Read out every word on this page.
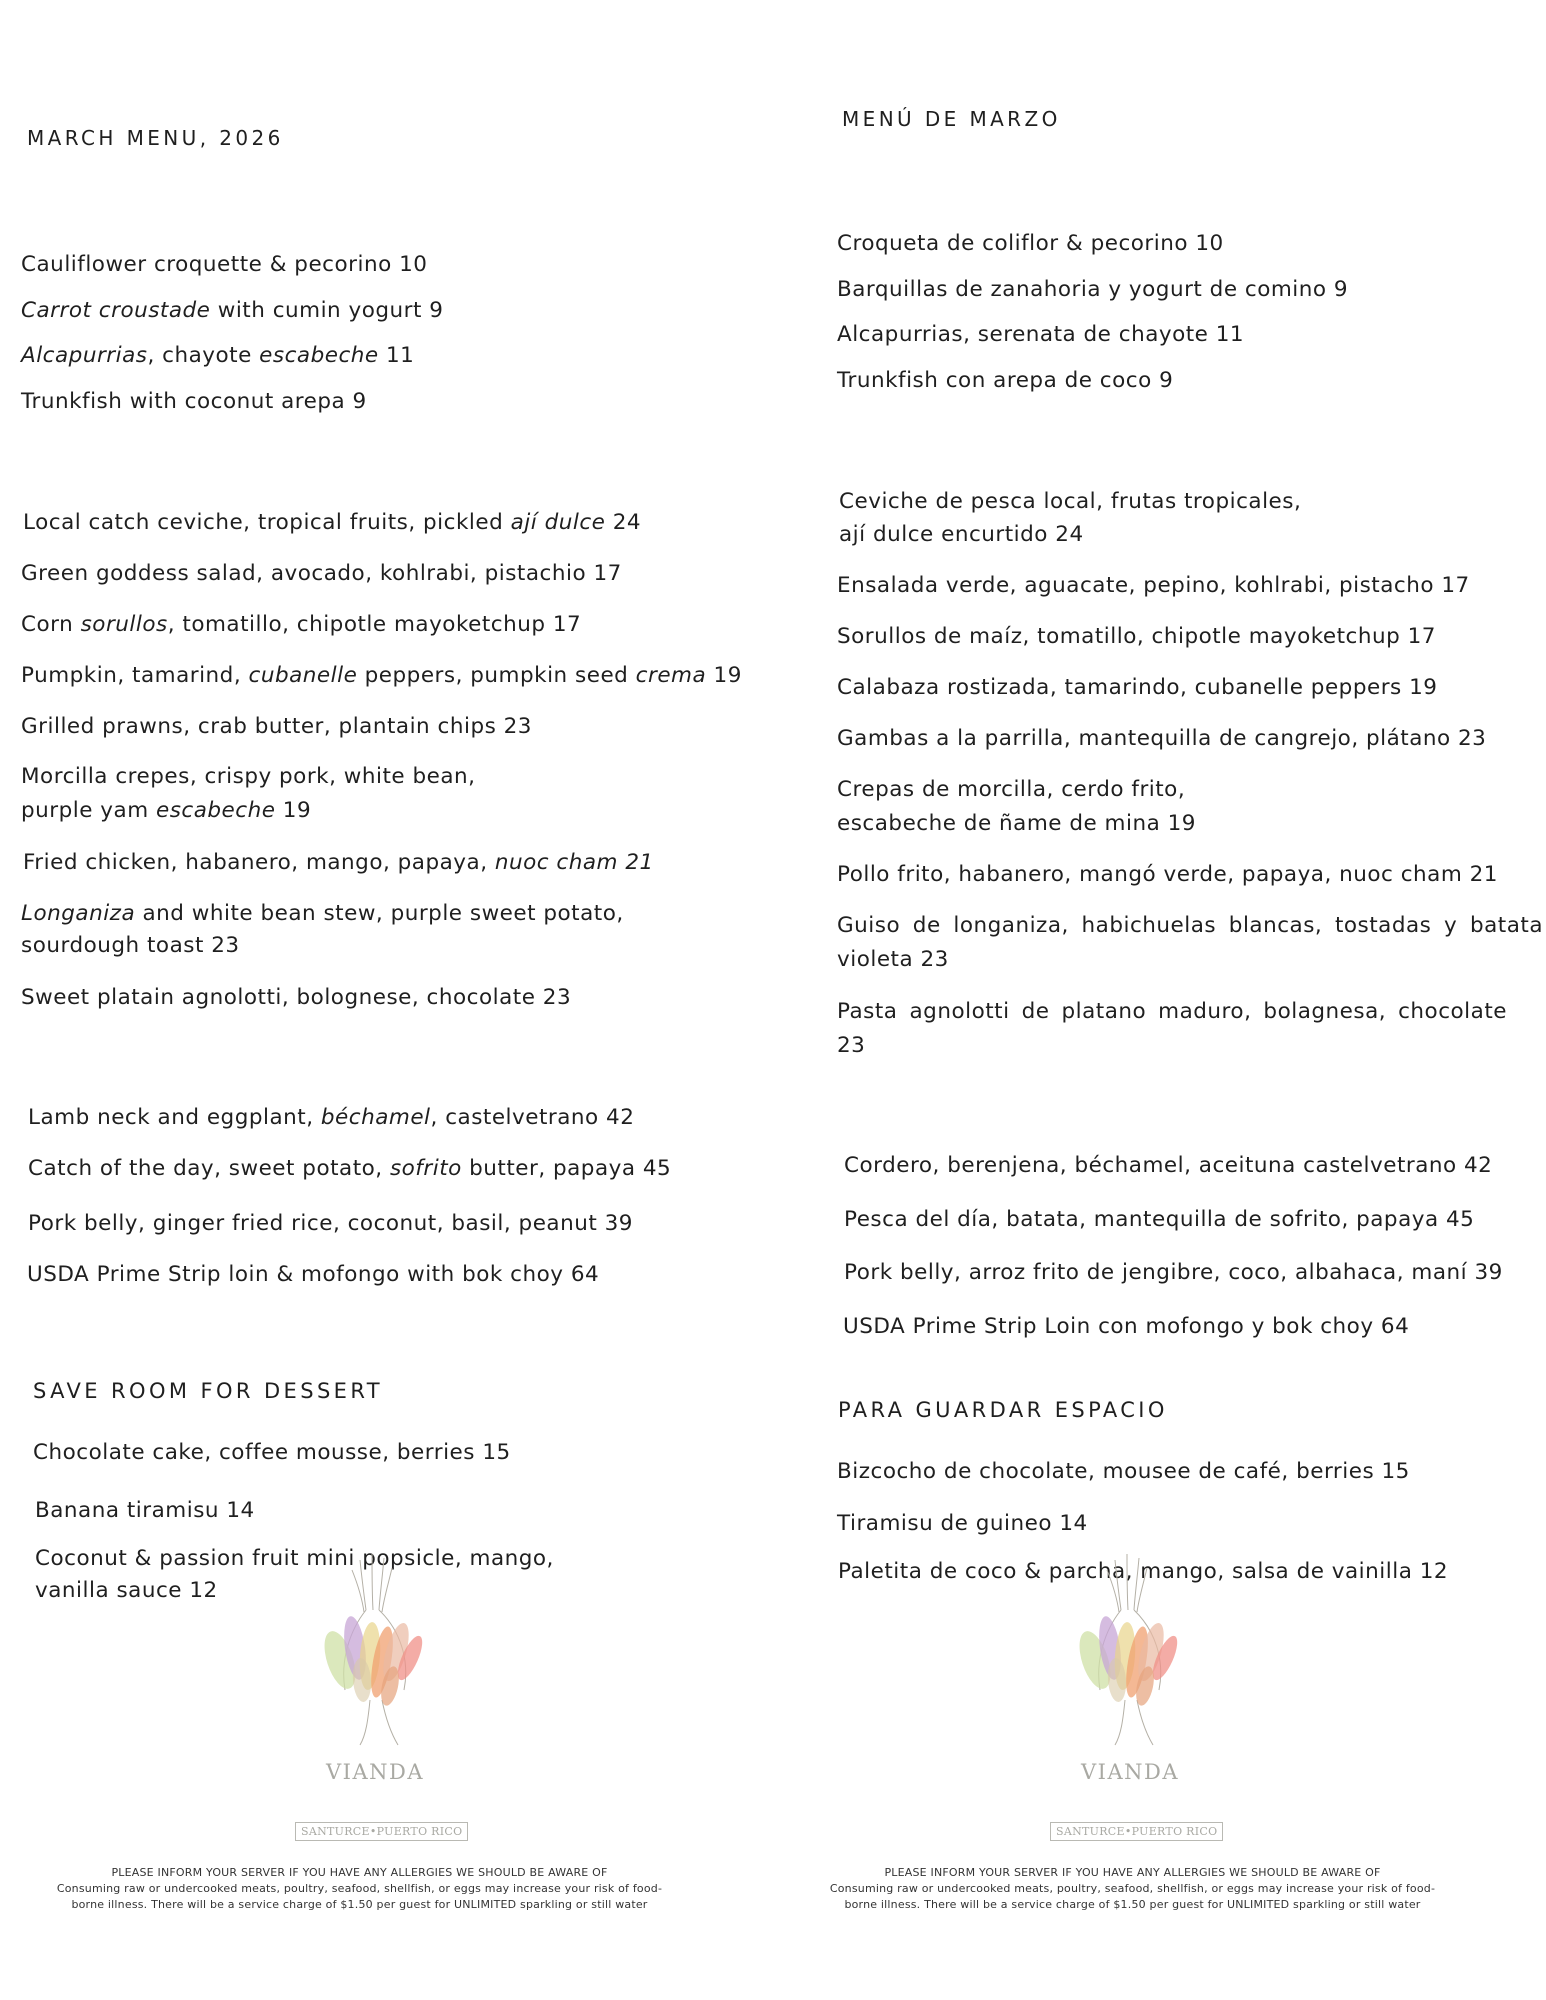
MARCH MENU, 2026
Cauliflower croquette & pecorino 10
Carrot croustade with cumin yogurt 9
Alcapurrias, chayote escabeche 11
Trunkfish with coconut arepa 9
Local catch ceviche, tropical fruits, pickled ají dulce 24
Green goddess salad, avocado, kohlrabi, pistachio 17
Corn sorullos, tomatillo, chipotle mayoketchup 17
Pumpkin, tamarind, cubanelle peppers, pumpkin seed crema 19
Grilled prawns, crab butter, plantain chips 23
Morcilla crepes, crispy pork, white bean,
purple yam escabeche 19
Fried chicken, habanero, mango, papaya, nuoc cham 21
Longaniza and white bean stew, purple sweet potato,
sourdough toast 23
Sweet platain agnolotti, bolognese, chocolate 23
Lamb neck and eggplant, béchamel, castelvetrano 42
Catch of the day, sweet potato, sofrito butter, papaya 45
Pork belly, ginger fried rice, coconut, basil, peanut 39
USDA Prime Strip loin & mofongo with bok choy 64
SAVE ROOM FOR DESSERT
Chocolate cake, coffee mousse, berries 15
Banana tiramisu 14
Coconut & passion fruit mini popsicle, mango,
vanilla sauce 12
VIANDA
SANTURCE•PUERTO RICO
PLEASE INFORM YOUR SERVER IF YOU HAVE ANY ALLERGIES WE SHOULD BE AWARE OF
Consuming raw or undercooked meats, poultry, seafood, shellfish, or eggs may increase your risk of food-
borne illness. There will be a service charge of $1.50 per guest for UNLIMITED sparkling or still water
MENÚ DE MARZO
Croqueta de coliflor & pecorino 10
Barquillas de zanahoria y yogurt de comino 9
Alcapurrias, serenata de chayote 11
Trunkfish con arepa de coco 9
Ceviche de pesca local, frutas tropicales,
ají dulce encurtido 24
Ensalada verde, aguacate, pepino, kohlrabi, pistacho 17
Sorullos de maíz, tomatillo, chipotle mayoketchup 17
Calabaza rostizada, tamarindo, cubanelle peppers 19
Gambas a la parrilla, mantequilla de cangrejo, plátano 23
Crepas de morcilla, cerdo frito,
escabeche de ñame de mina 19
Pollo frito, habanero, mangó verde, papaya, nuoc cham 21
Guiso de longaniza, habichuelas blancas, tostadas y batata violeta 23
Pasta agnolotti de platano maduro, bolagnesa, chocolate 23
Cordero, berenjena, béchamel, aceituna castelvetrano 42
Pesca del día, batata, mantequilla de sofrito, papaya 45
Pork belly, arroz frito de jengibre, coco, albahaca, maní 39
USDA Prime Strip Loin con mofongo y bok choy 64
PARA GUARDAR ESPACIO
Bizcocho de chocolate, mousee de café, berries 15
Tiramisu de guineo 14
Paletita de coco & parcha, mango, salsa de vainilla 12
VIANDA
SANTURCE•PUERTO RICO
PLEASE INFORM YOUR SERVER IF YOU HAVE ANY ALLERGIES WE SHOULD BE AWARE OF
Consuming raw or undercooked meats, poultry, seafood, shellfish, or eggs may increase your risk of food-
borne illness. There will be a service charge of $1.50 per guest for UNLIMITED sparkling or still water
